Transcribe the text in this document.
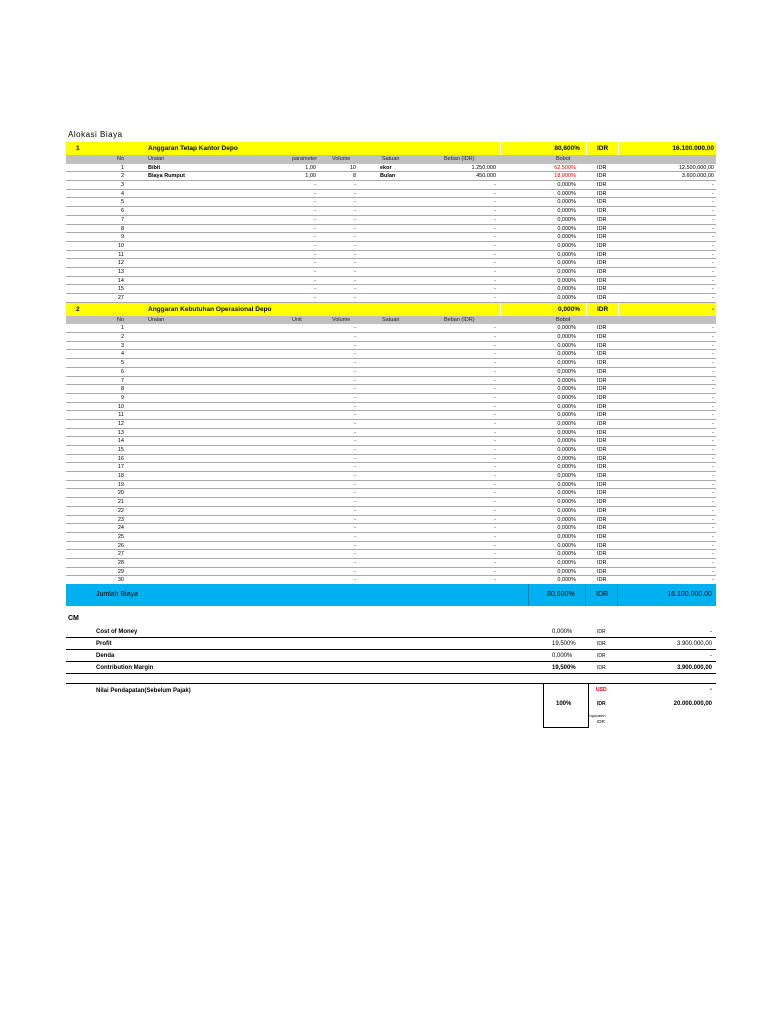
Alokasi Biaya
1	Anggaran Tetap Kantor Depo	80,600%	IDR	16.100.000,00
No	Uraian	parameter	Volume	Satuan	Beban (IDR)	Bobot
1	Bibit	1,00	10	ekor	1.250.000	62,500%	IDR	12.500.000,00
2	Biaya Rumput	1,00	8	Bulan	450.000	18,000%	IDR	3.600.000,00
3	-	-	-	0,000%	IDR	-
4	-	-	-	0,000%	IDR	-
5	-	-	-	0,000%	IDR	-
6	-	-	-	0,000%	IDR	-
7	-	-	-	0,000%	IDR	-
8	-	-	-	0,000%	IDR	-
9	-	-	-	0,000%	IDR	-
10	-	-	-	0,000%	IDR	-
11	-	-	-	0,000%	IDR	-
12	-	-	-	0,000%	IDR	-
13	-	-	-	0,000%	IDR	-
14	-	-	-	0,000%	IDR	-
15	-	-	-	0,000%	IDR	-
27	-	-	-	0,000%	IDR	-
2	Anggaran Kebutuhan Operasional Depo	0,000%	IDR	-
No	Uraian	Unit	Volume	Satuan	Beban (IDR)	Bobot
1	-	-	0,000%	IDR	-
2	-	-	0,000%	IDR	-
3	-	-	0,000%	IDR	-
4	-	-	0,000%	IDR	-
5	-	-	0,000%	IDR	-
6	-	-	0,000%	IDR	-
7	-	-	0,000%	IDR	-
8	-	-	0,000%	IDR	-
9	-	-	0,000%	IDR	-
10	-	-	0,000%	IDR	-
11	-	-	0,000%	IDR	-
12	-	-	0,000%	IDR	-
13	-	-	0,000%	IDR	-
14	-	-	0,000%	IDR	-
15	-	-	0,000%	IDR	-
16	-	-	0,000%	IDR	-
17	-	-	0,000%	IDR	-
18	-	-	0,000%	IDR	-
19	-	-	0,000%	IDR	-
20	-	-	0,000%	IDR	-
21	-	-	0,000%	IDR	-
22	-	-	0,000%	IDR	-
23	-	-	0,000%	IDR	-
24	-	-	0,000%	IDR	-
25	-	-	0,000%	IDR	-
26	-	-	0,000%	IDR	-
27	-	-	0,000%	IDR	-
28	-	-	0,000%	IDR	-
29	-	-	0,000%	IDR	-
30	-	-	0,000%	IDR	-
Jumlah Biaya	80,600%	IDR	16.100.000,00
CM
Cost of Money	0,000%	IDR	-
Profit	19,500%	IDR	3.900.000,00
Denda	0,000%	IDR	-
Contribution Margin	19,500%	IDR	3.900.000,00
Nilai Pendapatan(Sebelum Pajak)
100%
USD	-
IDR	20.000.000,00
Equivalen
IDR
